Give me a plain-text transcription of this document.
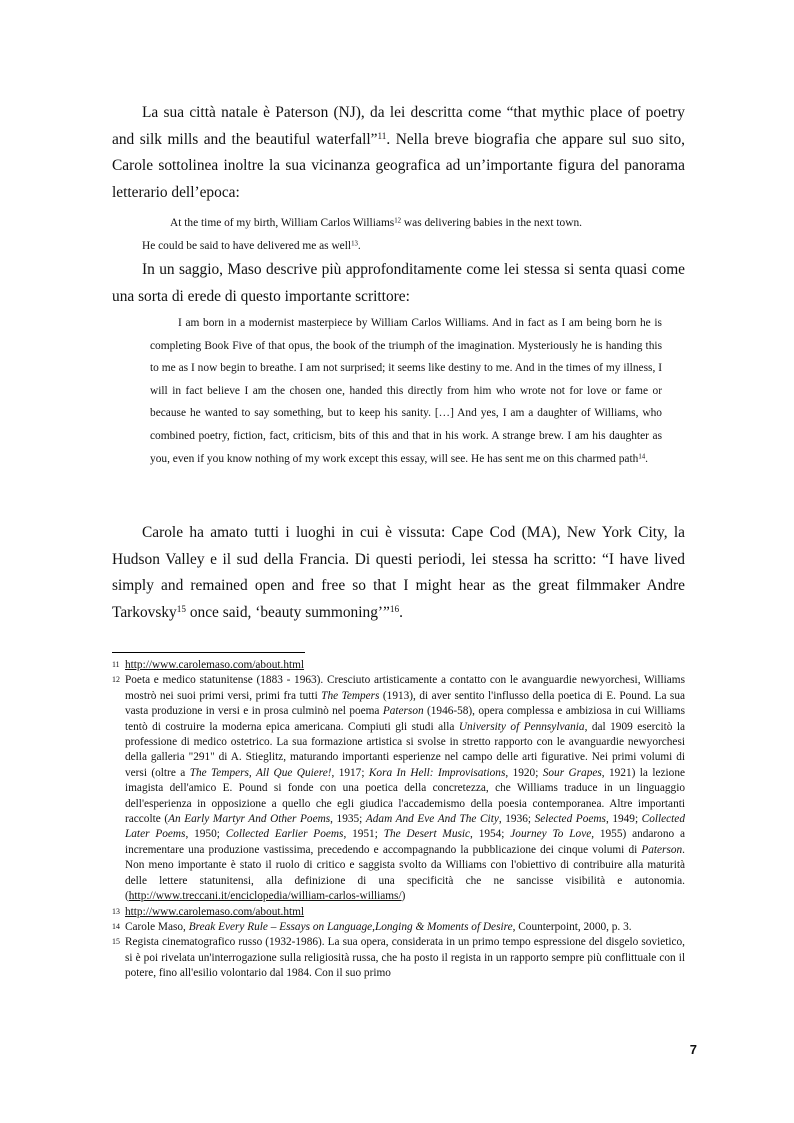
La sua città natale è Paterson (NJ), da lei descritta come “that mythic place of poetry and silk mills and the beautiful waterfall”$^{11}$. Nella breve biografia che appare sul suo sito, Carole sottolinea inoltre la sua vicinanza geografica ad un’importante figura del panorama letterario dell’epoca:

At the time of my birth, William Carlos Williams$^{12}$ was delivering babies in the next town.
He could be said to have delivered me as well$^{13}$.

In un saggio, Maso descrive più approfonditamente come lei stessa si senta quasi come una sorta di erede di questo importante scrittore:

I am born in a modernist masterpiece by William Carlos Williams. And in fact as I am being born he is completing Book Five of that opus, the book of the triumph of the imagination. Mysteriously he is handing this to me as I now begin to breathe. I am not surprised; it seems like destiny to me. And in the times of my illness, I will in fact believe I am the chosen one, handed this directly from him who wrote not for love or fame or because he wanted to say something, but to keep his sanity. […] And yes, I am a daughter of Williams, who combined poetry, fiction, fact, criticism, bits of this and that in his work. A strange brew. I am his daughter as you, even if you know nothing of my work except this essay, will see. He has sent me on this charmed path$^{14}$.

Carole ha amato tutti i luoghi in cui è vissuta: Cape Cod (MA), New York City, la Hudson Valley e il sud della Francia. Di questi periodi, lei stessa ha scritto: “I have lived simply and remained open and free so that I might hear as the great filmmaker Andre Tarkovsky$^{15}$ once said, ‘beauty summoning’”$^{16}$.

11 http://www.carolemaso.com/about.html
12 Poeta e medico statunitense (1883 - 1963). Cresciuto artisticamente a contatto con le avanguardie newyorchesi, Williams mostrò nei suoi primi versi, primi fra tutti The Tempers (1913), di aver sentito l'influsso della poetica di E. Pound. La sua vasta produzione in versi e in prosa culminò nel poema Paterson (1946-58), opera complessa e ambiziosa in cui Williams tentò di costruire la moderna epica americana. Compiuti gli studi alla University of Pennsylvania, dal 1909 esercitò la professione di medico ostetrico. La sua formazione artistica si svolse in stretto rapporto con le avanguardie newyorchesi della galleria "291" di A. Stieglitz, maturando importanti esperienze nel campo delle arti figurative. Nei primi volumi di versi (oltre a The Tempers, All Que Quiere!, 1917; Kora In Hell: Improvisations, 1920; Sour Grapes, 1921) la lezione imagista dell'amico E. Pound si fonde con una poetica della concretezza, che Williams traduce in un linguaggio dell'esperienza in opposizione a quello che egli giudica l'accademismo della poesia contemporanea. Altre importanti raccolte (An Early Martyr And Other Poems, 1935; Adam And Eve And The City, 1936; Selected Poems, 1949; Collected Later Poems, 1950; Collected Earlier Poems, 1951; The Desert Music, 1954; Journey To Love, 1955) andarono a incrementare una produzione vastissima, precedendo e accompagnando la pubblicazione dei cinque volumi di Paterson. Non meno importante è stato il ruolo di critico e saggista svolto da Williams con l'obiettivo di contribuire alla maturità delle lettere statunitensi, alla definizione di una specificità che ne sancisse visibilità e autonomia. (http://www.treccani.it/enciclopedia/william-carlos-williams/)
13 http://www.carolemaso.com/about.html
14 Carole Maso, Break Every Rule – Essays on Language,Longing & Moments of Desire, Counterpoint, 2000, p. 3.
15 Regista cinematografico russo (1932-1986). La sua opera, considerata in un primo tempo espressione del disgelo sovietico, si è poi rivelata un'interrogazione sulla religiosità russa, che ha posto il regista in un rapporto sempre più conflittuale con il potere, fino all'esilio volontario dal 1984. Con il suo primo
7
